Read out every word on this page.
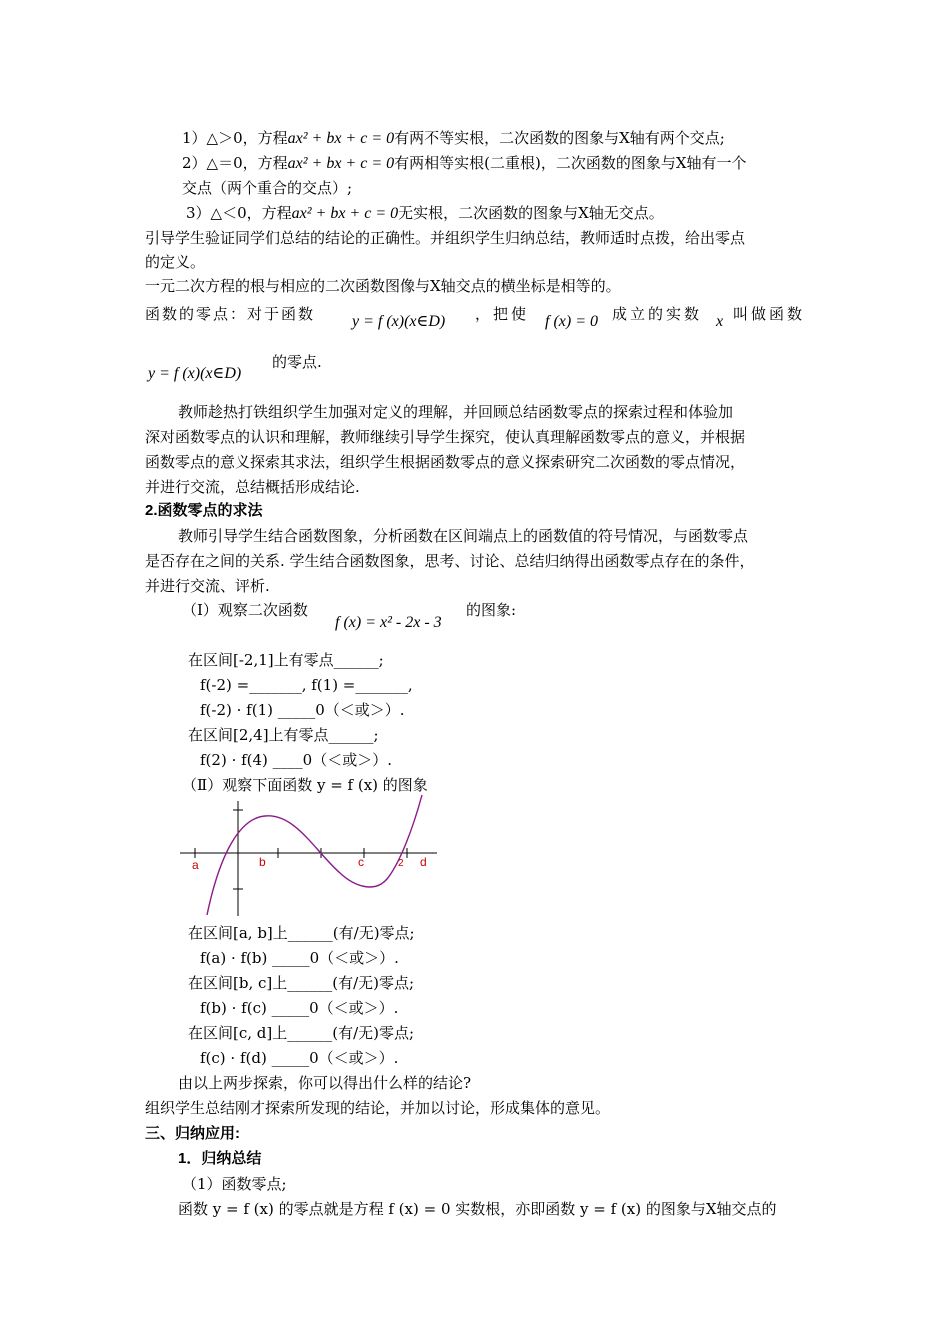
1）△＞0，方程ax² + bx + c = 0有两不等实根，二次函数的图象与X轴有两个交点;
2）△＝0，方程ax² + bx + c = 0有两相等实根(二重根)，二次函数的图象与X轴有一个
交点（两个重合的交点）;
3）△＜0，方程ax² + bx + c = 0无实根，二次函数的图象与X轴无交点。
引导学生验证同学们总结的结论的正确性。并组织学生归纳总结，教师适时点拨，给出零点
的定义。
一元二次方程的根与相应的二次函数图像与X轴交点的横坐标是相等的。
函数的零点：对于函数 y = f (x)(x∈D) ，把使 f (x) = 0 成立的实数 x 叫做函数
y = f (x)(x∈D)
的零点.
教师趁热打铁组织学生加强对定义的理解，并回顾总结函数零点的探索过程和体验加
深对函数零点的认识和理解，教师继续引导学生探究，使认真理解函数零点的意义，并根据
函数零点的意义探索其求法，组织学生根据函数零点的意义探索研究二次函数的零点情况，
并进行交流，总结概括形成结论.
2.函数零点的求法
教师引导学生结合函数图象，分析函数在区间端点上的函数值的符号情况，与函数零点
是否存在之间的关系. 学生结合函数图象，思考、讨论、总结归纳得出函数零点存在的条件，
并进行交流、评析.
（Ⅰ）观察二次函数
f (x) = x² - 2x - 3
的图象:
在区间[-2,1]上有零点______;
f(-2) =_______, f(1) =_______,
f(-2) · f(1) _____0（＜或＞）.
在区间[2,4]上有零点______;
f(2) · f(4) ____0（＜或＞）.
（Ⅱ）观察下面函数 y = f (x) 的图象
a	b	c	2 d
在区间[a, b]上______(有/无)零点;
f(a) · f(b) _____0（＜或＞）.
在区间[b, c]上______(有/无)零点;
f(b) · f(c) _____0（＜或＞）.
在区间[c, d]上______(有/无)零点;
f(c) · f(d) _____0（＜或＞）.
由以上两步探索，你可以得出什么样的结论?
组织学生总结刚才探索所发现的结论，并加以讨论，形成集体的意见。
三、归纳应用:
1．归纳总结
（1）函数零点;
函数 y = f (x) 的零点就是方程 f (x) = 0 实数根，亦即函数 y = f (x) 的图象与X轴交点的
